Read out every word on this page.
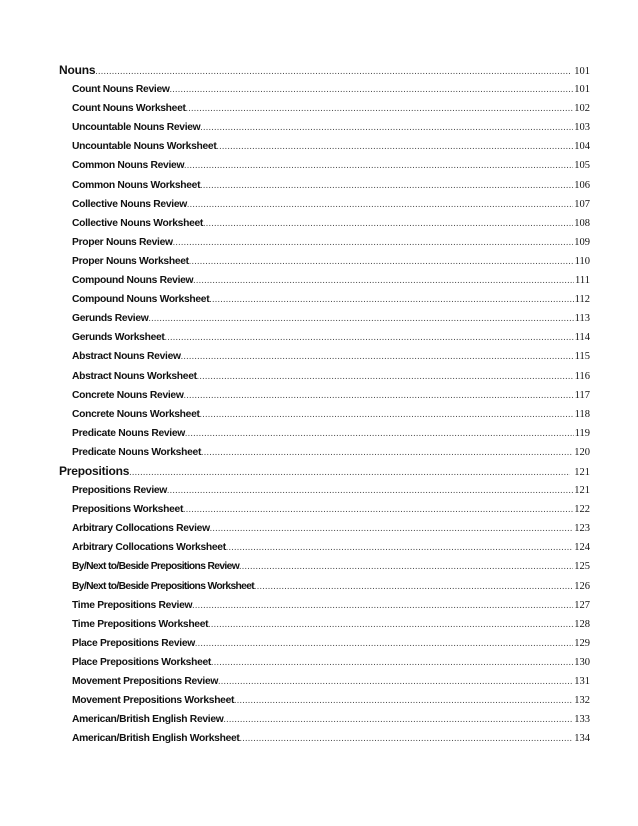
Nouns .....	101
Count Nouns Review .....	101
Count Nouns Worksheet .....	102
Uncountable Nouns Review .....	103
Uncountable Nouns Worksheet .....	104
Common Nouns Review .....	105
Common Nouns Worksheet .....	106
Collective Nouns Review .....	107
Collective Nouns Worksheet .....	108
Proper Nouns Review .....	109
Proper Nouns Worksheet .....	110
Compound Nouns Review .....	111
Compound Nouns Worksheet .....	112
Gerunds Review .....	113
Gerunds Worksheet .....	114
Abstract Nouns Review .....	115
Abstract Nouns Worksheet .....	116
Concrete Nouns Review .....	117
Concrete Nouns Worksheet .....	118
Predicate Nouns Review .....	119
Predicate Nouns Worksheet .....	120
Prepositions .....	121
Prepositions Review .....	121
Prepositions Worksheet .....	122
Arbitrary Collocations Review .....	123
Arbitrary Collocations Worksheet .....	124
By/Next to/Beside Prepositions Review .....	125
By/Next to/Beside Prepositions Worksheet .....	126
Time Prepositions Review .....	127
Time Prepositions Worksheet .....	128
Place Prepositions Review .....	129
Place Prepositions Worksheet .....	130
Movement Prepositions Review .....	131
Movement Prepositions Worksheet .....	132
American/British English Review .....	133
American/British English Worksheet .....	134
